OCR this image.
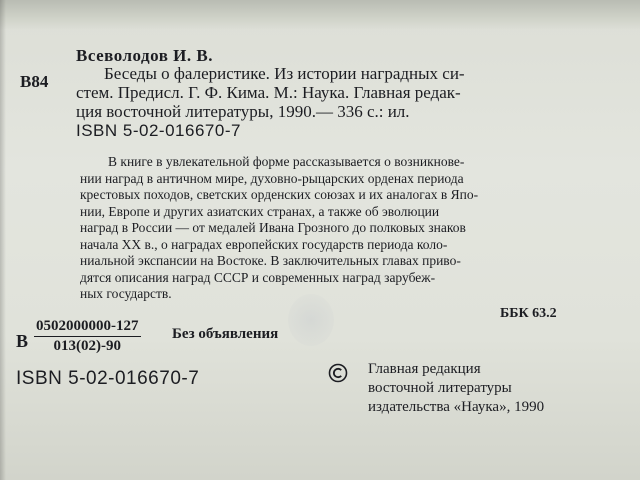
Всеволодов И. В.
В84	Беседы о фалеристике. Из истории наградных си-
стем. Предисл. Г. Ф. Кима. М.: Наука. Главная редак-
ция восточной литературы, 1990.— 336 с.: ил.
ISBN 5-02-016670-7
В книге в увлекательной форме рассказывается о возникнове-
нии наград в античном мире, духовно-рыцарских орденах периода
крестовых походов, светских орденских союзах и их аналогах в Япо-
нии, Европе и других азиатских странах, а также об эволюции
наград в России — от медалей Ивана Грозного до полковых знаков
начала XX в., о наградах европейских государств периода коло-
ниальной экспансии на Востоке. В заключительных главах приво-
дятся описания наград СССР и современных наград зарубеж-
ных государств.
ББК 63.2
В
0502000000-127
013(02)-90
Без объявления
ISBN 5-02-016670-7	Главная редакция
восточной литературы
издательства «Наука», 1990
